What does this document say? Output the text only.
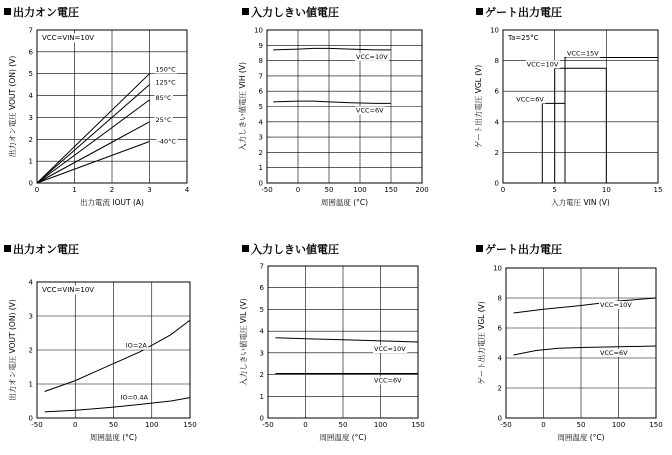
出力オン電圧
0	1	2	3	4
0
1
2
3
4
5
6
7
出力電流 IOUT (A)
出力オン電圧 VOUT (ON) (V)
VCC=VIN=10V
150°C
125°C
85°C
25°C
-40°C
入力しきい値電圧
-50	0	50	100	150	200
0
1
2
3
4
5
6
7
8
9
10
周囲温度 (°C)
入力しきい値電圧 VIH (V)
VCC=10V
VCC=6V
ゲート出力電圧
0	5	10	15
0
2
4
6
8
10
入力電圧 VIN (V)
ゲート出力電圧 VGL (V)
Ta=25°C
VCC=15V
VCC=10V
VCC=6V
出力オン電圧
-50	0	50	100	150
0
1
2
3
4
周囲温度 (°C)
出力オン電圧 VOUT (ON) (V)
VCC=VIN=10V
IO=2A
IO=0.4A
入力しきい値電圧
-50	0	50	100	150
0
1
2
3
4
5
6
7
周囲温度 (°C)
入力しきい値電圧 VIL (V)	VCC=10V
VCC=6V
ゲート出力電圧
-50	0	50	100	150
0
2
4
6
8
10
周囲温度 (°C)
ゲート出力電圧 VGL (V)	VCC=10V
VCC=6V
